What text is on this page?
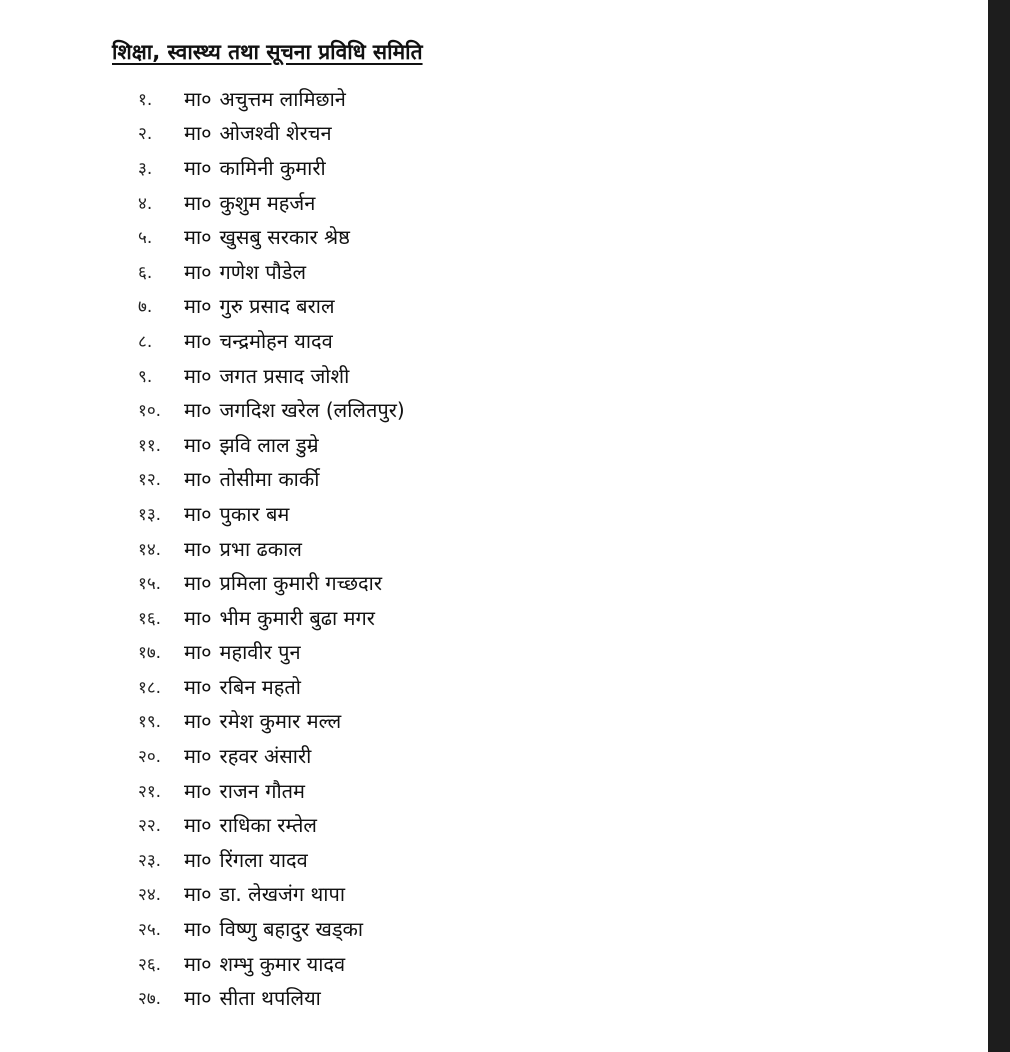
शिक्षा, स्वास्थ्य तथा सूचना प्रविधि समिति
१.	मा० अचुत्तम लामिछाने
२.	मा० ओजश्वी शेरचन
३.	मा० कामिनी कुमारी
४.	मा० कुशुम महर्जन
५.	मा० खुसबु सरकार श्रेष्ठ
६.	मा० गणेश पौडेल
७.	मा० गुरु प्रसाद बराल
८.	मा० चन्द्रमोहन यादव
९.	मा० जगत प्रसाद जोशी
१०.	मा० जगदिश खरेल (ललितपुर)
११.	मा० झवि लाल डुम्रे
१२.	मा० तोसीमा कार्की
१३.	मा० पुकार बम
१४.	मा० प्रभा ढकाल
१५.	मा० प्रमिला कुमारी गच्छदार
१६.	मा० भीम कुमारी बुढा मगर
१७.	मा० महावीर पुन
१८.	मा० रबिन महतो
१९.	मा० रमेश कुमार मल्ल
२०.	मा० रहवर अंसारी
२१.	मा० राजन गौतम
२२.	मा० राधिका रम्तेल
२३.	मा० रिंगला यादव
२४.	मा० डा. लेखजंग थापा
२५.	मा० विष्णु बहादुर खड्का
२६.	मा० शम्भु कुमार यादव
२७.	मा० सीता थपलिया
